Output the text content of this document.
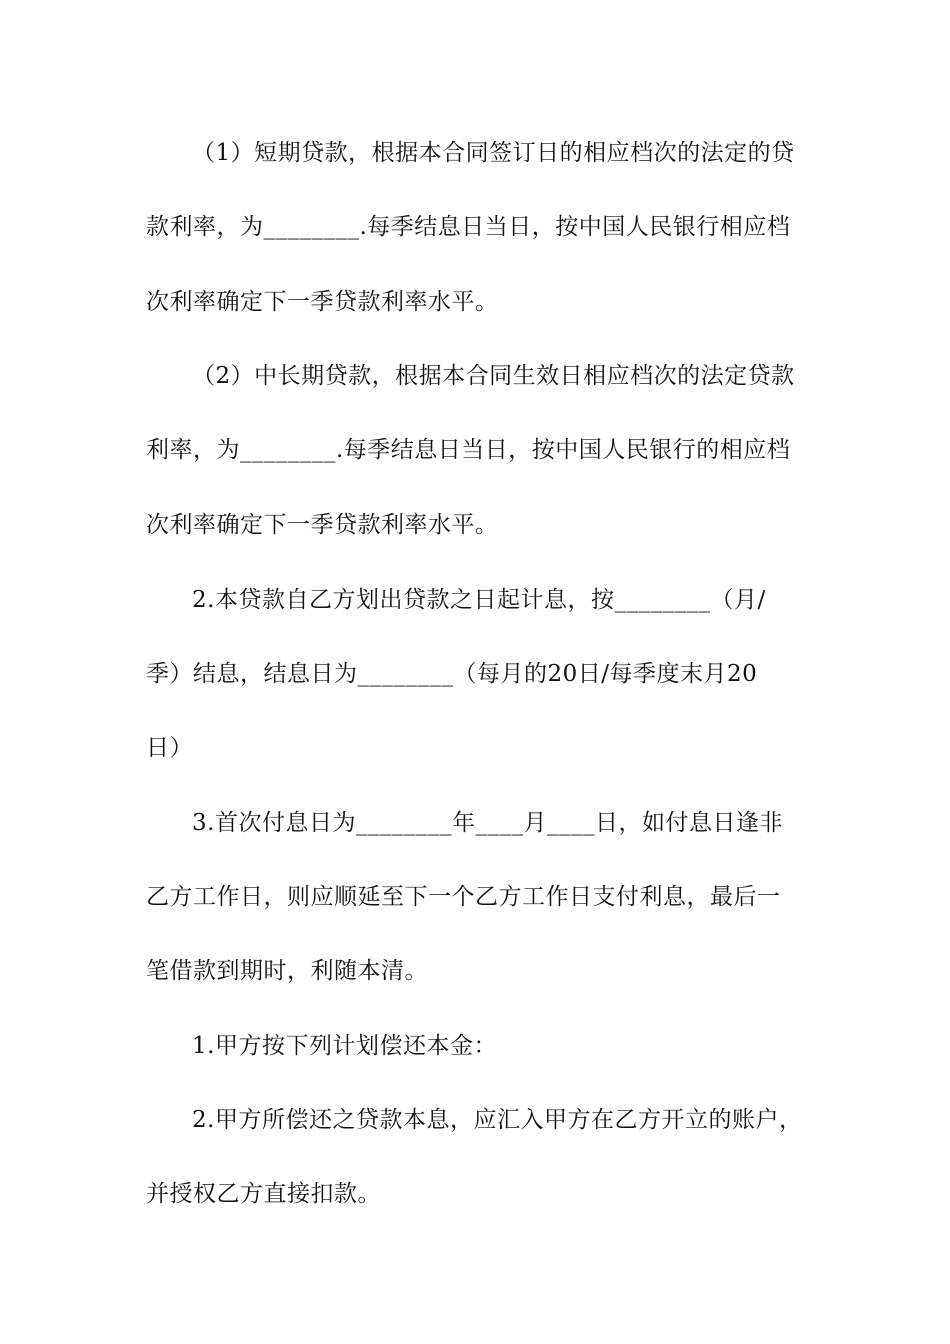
（1）短期贷款，根据本合同签订日的相应档次的法定的贷
款利率，为________.每季结息日当日，按中国人民银行相应档
次利率确定下一季贷款利率水平。
（2）中长期贷款，根据本合同生效日相应档次的法定贷款
利率，为________.每季结息日当日，按中国人民银行的相应档
次利率确定下一季贷款利率水平。
2.本贷款自乙方划出贷款之日起计息，按________（月/
季）结息，结息日为________（每月的20日/每季度末月20
日）
3.首次付息日为________年____月____日，如付息日逢非
乙方工作日，则应顺延至下一个乙方工作日支付利息，最后一
笔借款到期时，利随本清。
1.甲方按下列计划偿还本金：
2.甲方所偿还之贷款本息，应汇入甲方在乙方开立的账户，
并授权乙方直接扣款。
